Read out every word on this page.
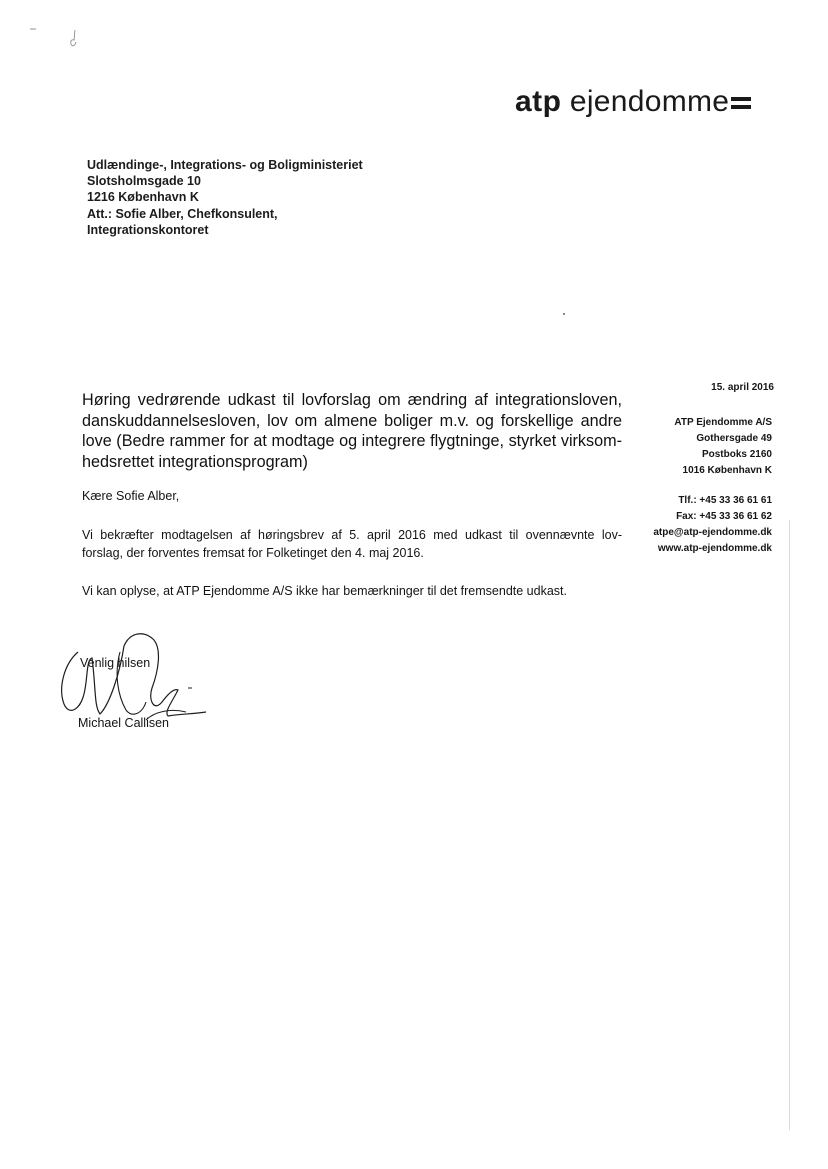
atp ejendomme
Udlændinge-, Integrations- og Boligministeriet
Slotsholmsgade 10
1216 København K
Att.: Sofie Alber, Chefkonsulent,
Integrationskontoret
15. april 2016
ATP Ejendomme A/S
Gothersgade 49
Postboks 2160
1016 København K
Tlf.: +45 33 36 61 61
Fax: +45 33 36 61 62
atpe@atp-ejendomme.dk
www.atp-ejendomme.dk
Høring vedrørende udkast til lovforslag om ændring af integrationsloven,
danskuddannelsesloven, lov om almene boliger m.v. og forskellige andre
love (Bedre rammer for at modtage og integrere flygtninge, styrket virksom-
hedsrettet integrationsprogram)
Kære Sofie Alber,
Vi bekræfter modtagelsen af høringsbrev af 5. april 2016 med udkast til ovennævnte lov-
forslag, der forventes fremsat for Folketinget den 4. maj 2016.
Vi kan oplyse, at ATP Ejendomme A/S ikke har bemærkninger til det fremsendte udkast.
Venlig hilsen
Michael Callisen
